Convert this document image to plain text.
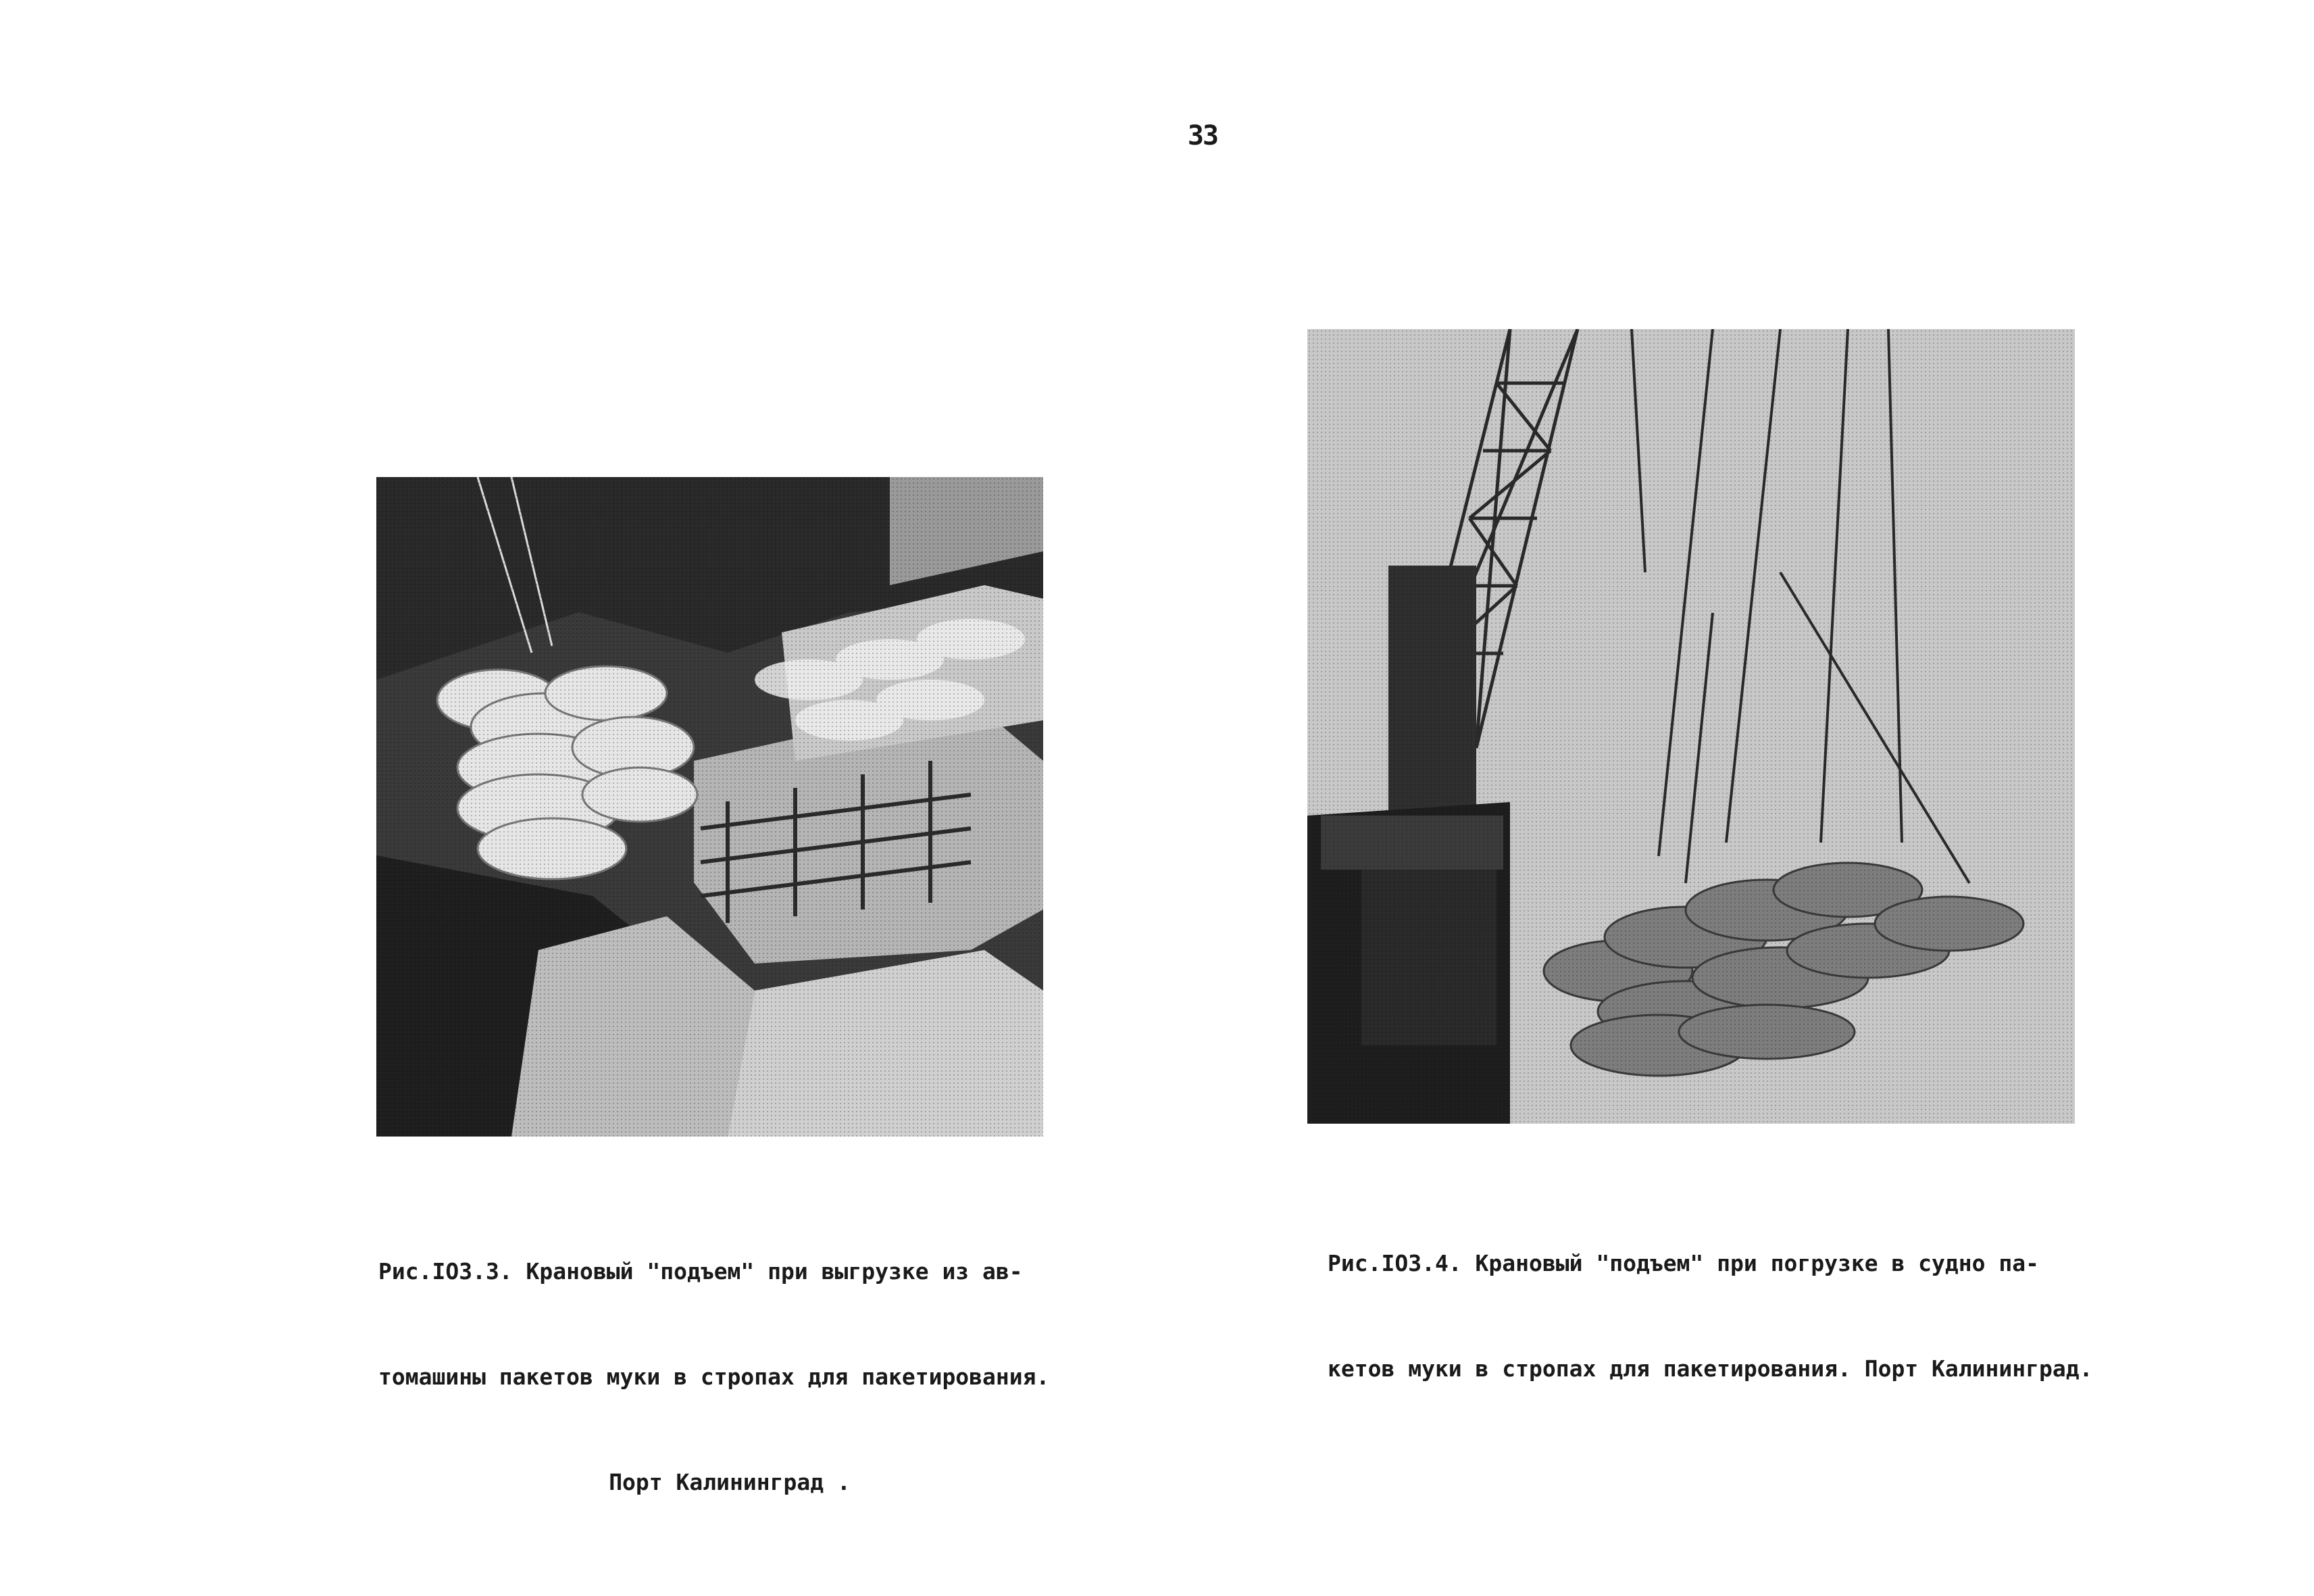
33

Рис.IO3.3. Крановый "подъем" при выгрузке из ав-

томашины пакетов муки в стропах для пакетирования.

Порт Калининград .

Рис.IO3.4. Крановый "подъем" при погрузке в судно па-

кетов муки в стропах для пакетирования. Порт Калининград.
